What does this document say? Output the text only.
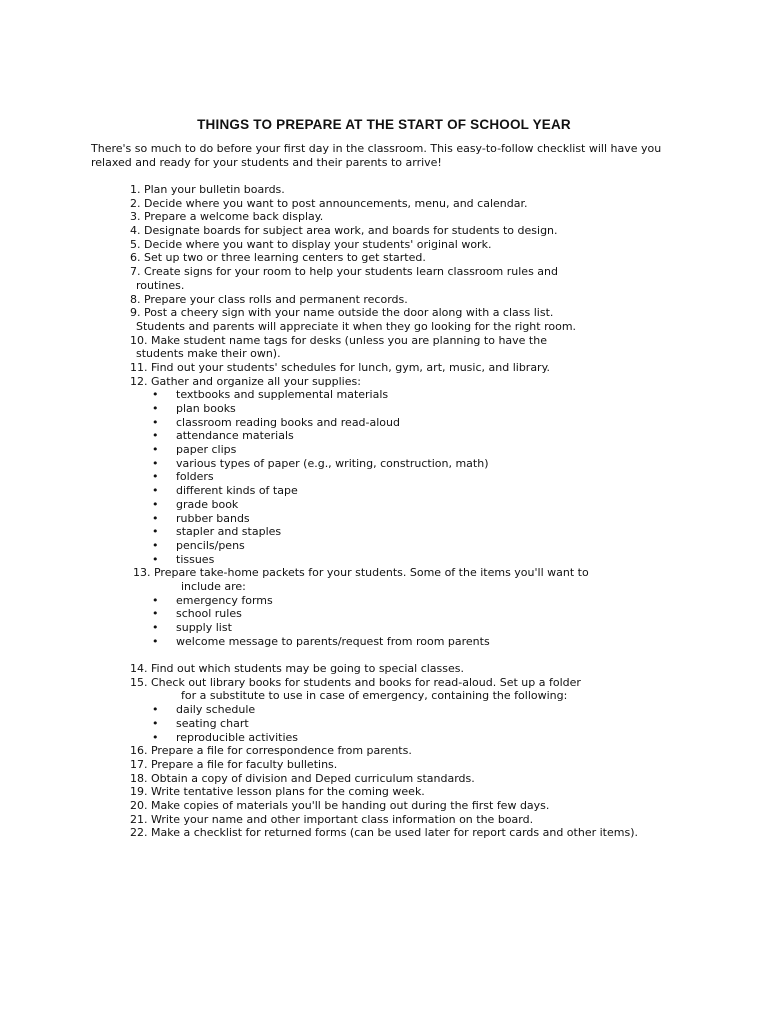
THINGS TO PREPARE AT THE START OF SCHOOL YEAR
There's so much to do before your first day in the classroom. This easy-to-follow checklist will have you
relaxed and ready for your students and their parents to arrive!
1. Plan your bulletin boards.
2. Decide where you want to post announcements, menu, and calendar.
3. Prepare a welcome back display.
4. Designate boards for subject area work, and boards for students to design.
5. Decide where you want to display your students' original work.
6. Set up two or three learning centers to get started.
7. Create signs for your room to help your students learn classroom rules and
routines.
8. Prepare your class rolls and permanent records.
9. Post a cheery sign with your name outside the door along with a class list.
Students and parents will appreciate it when they go looking for the right room.
10. Make student name tags for desks (unless you are planning to have the
students make their own).
11. Find out your students' schedules for lunch, gym, art, music, and library.
12. Gather and organize all your supplies:
• textbooks and supplemental materials
• plan books
• classroom reading books and read-aloud
• attendance materials
• paper clips
• various types of paper (e.g., writing, construction, math)
• folders
• different kinds of tape
• grade book
• rubber bands
• stapler and staples
• pencils/pens
• tissues
13. Prepare take-home packets for your students. Some of the items you'll want to
include are:
• emergency forms
• school rules
• supply list
• welcome message to parents/request from room parents
14. Find out which students may be going to special classes.
15. Check out library books for students and books for read-aloud. Set up a folder
for a substitute to use in case of emergency, containing the following:
• daily schedule
• seating chart
• reproducible activities
16. Prepare a file for correspondence from parents.
17. Prepare a file for faculty bulletins.
18. Obtain a copy of division and Deped curriculum standards.
19. Write tentative lesson plans for the coming week.
20. Make copies of materials you'll be handing out during the first few days.
21. Write your name and other important class information on the board.
22. Make a checklist for returned forms (can be used later for report cards and other items).
